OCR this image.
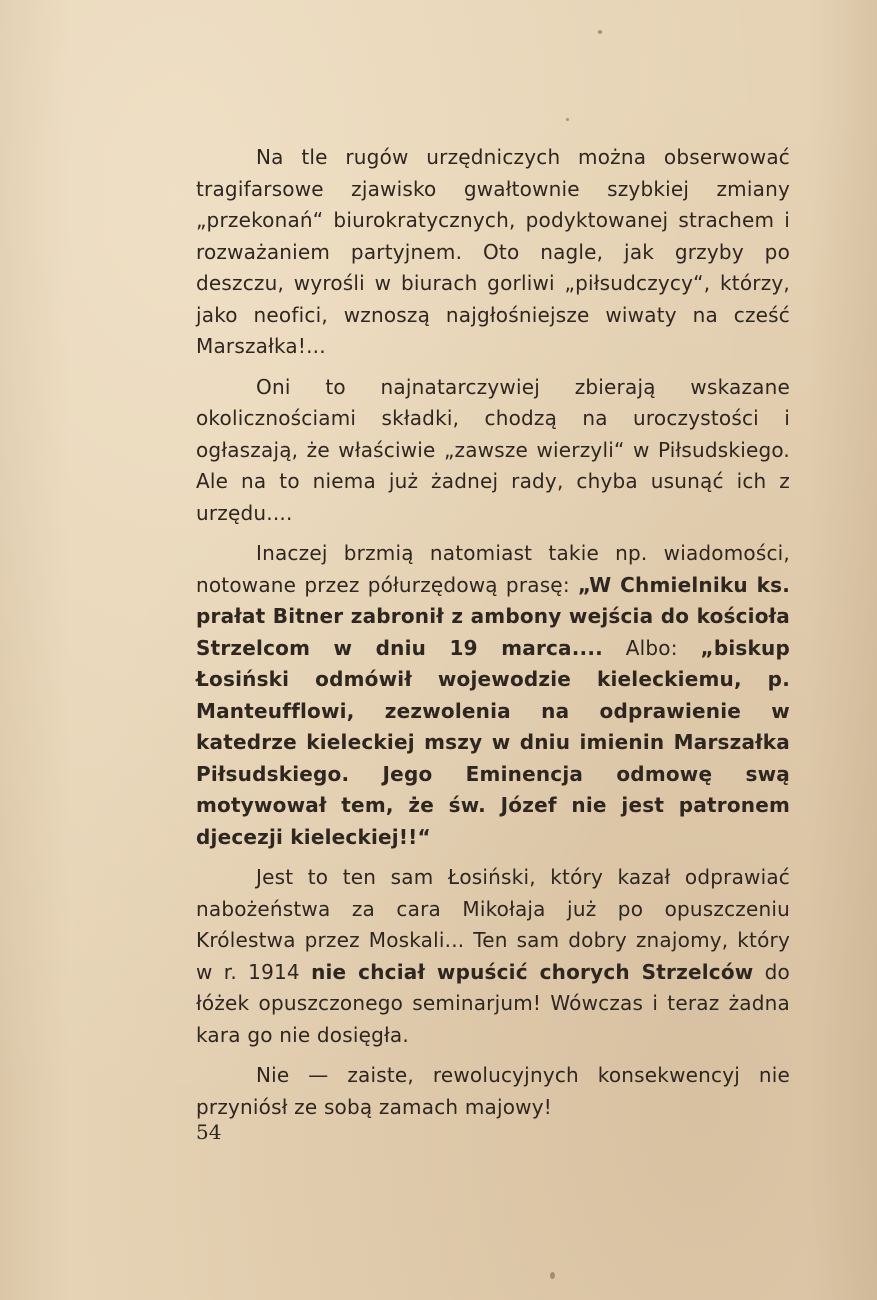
Na tle rugów urzędniczych można obserwować tragifarsowe zjawisko gwałtownie szybkiej zmiany „przekonań“ biurokratycznych, podyktowanej strachem i rozważaniem partyjnem. Oto nagle, jak grzyby po deszczu, wyrośli w biurach gorliwi „piłsudczycy“, którzy, jako neofici, wznoszą najgłośniejsze wiwaty na cześć Marszałka!...

Oni to najnatarczywiej zbierają wskazane okolicznościami składki, chodzą na uroczystości i ogłaszają, że właściwie „zawsze wierzyli“ w Piłsudskiego. Ale na to niema już żadnej rady, chyba usunąć ich z urzędu....

Inaczej brzmią natomiast takie np. wiadomości, notowane przez półurzędową prasę: „W Chmielniku ks. prałat Bitner zabronił z ambony wejścia do kościoła Strzelcom w dniu 19 marca.... Albo: „biskup Łosiński odmówił wojewodzie kieleckiemu, p. Manteufflowi, zezwolenia na odprawienie w katedrze kieleckiej mszy w dniu imienin Marszałka Piłsudskiego. Jego Eminencja odmowę swą motywował tem, że św. Józef nie jest patronem djecezji kieleckiej!!“

Jest to ten sam Łosiński, który kazał odprawiać nabożeństwa za cara Mikołaja już po opuszczeniu Królestwa przez Moskali... Ten sam dobry znajomy, który w r. 1914 nie chciał wpuścić chorych Strzelców do łóżek opuszczonego seminarjum! Wówczas i teraz żadna kara go nie dosięgła.

Nie — zaiste, rewolucyjnych konsekwencyj nie przyniósł ze sobą zamach majowy!

54
